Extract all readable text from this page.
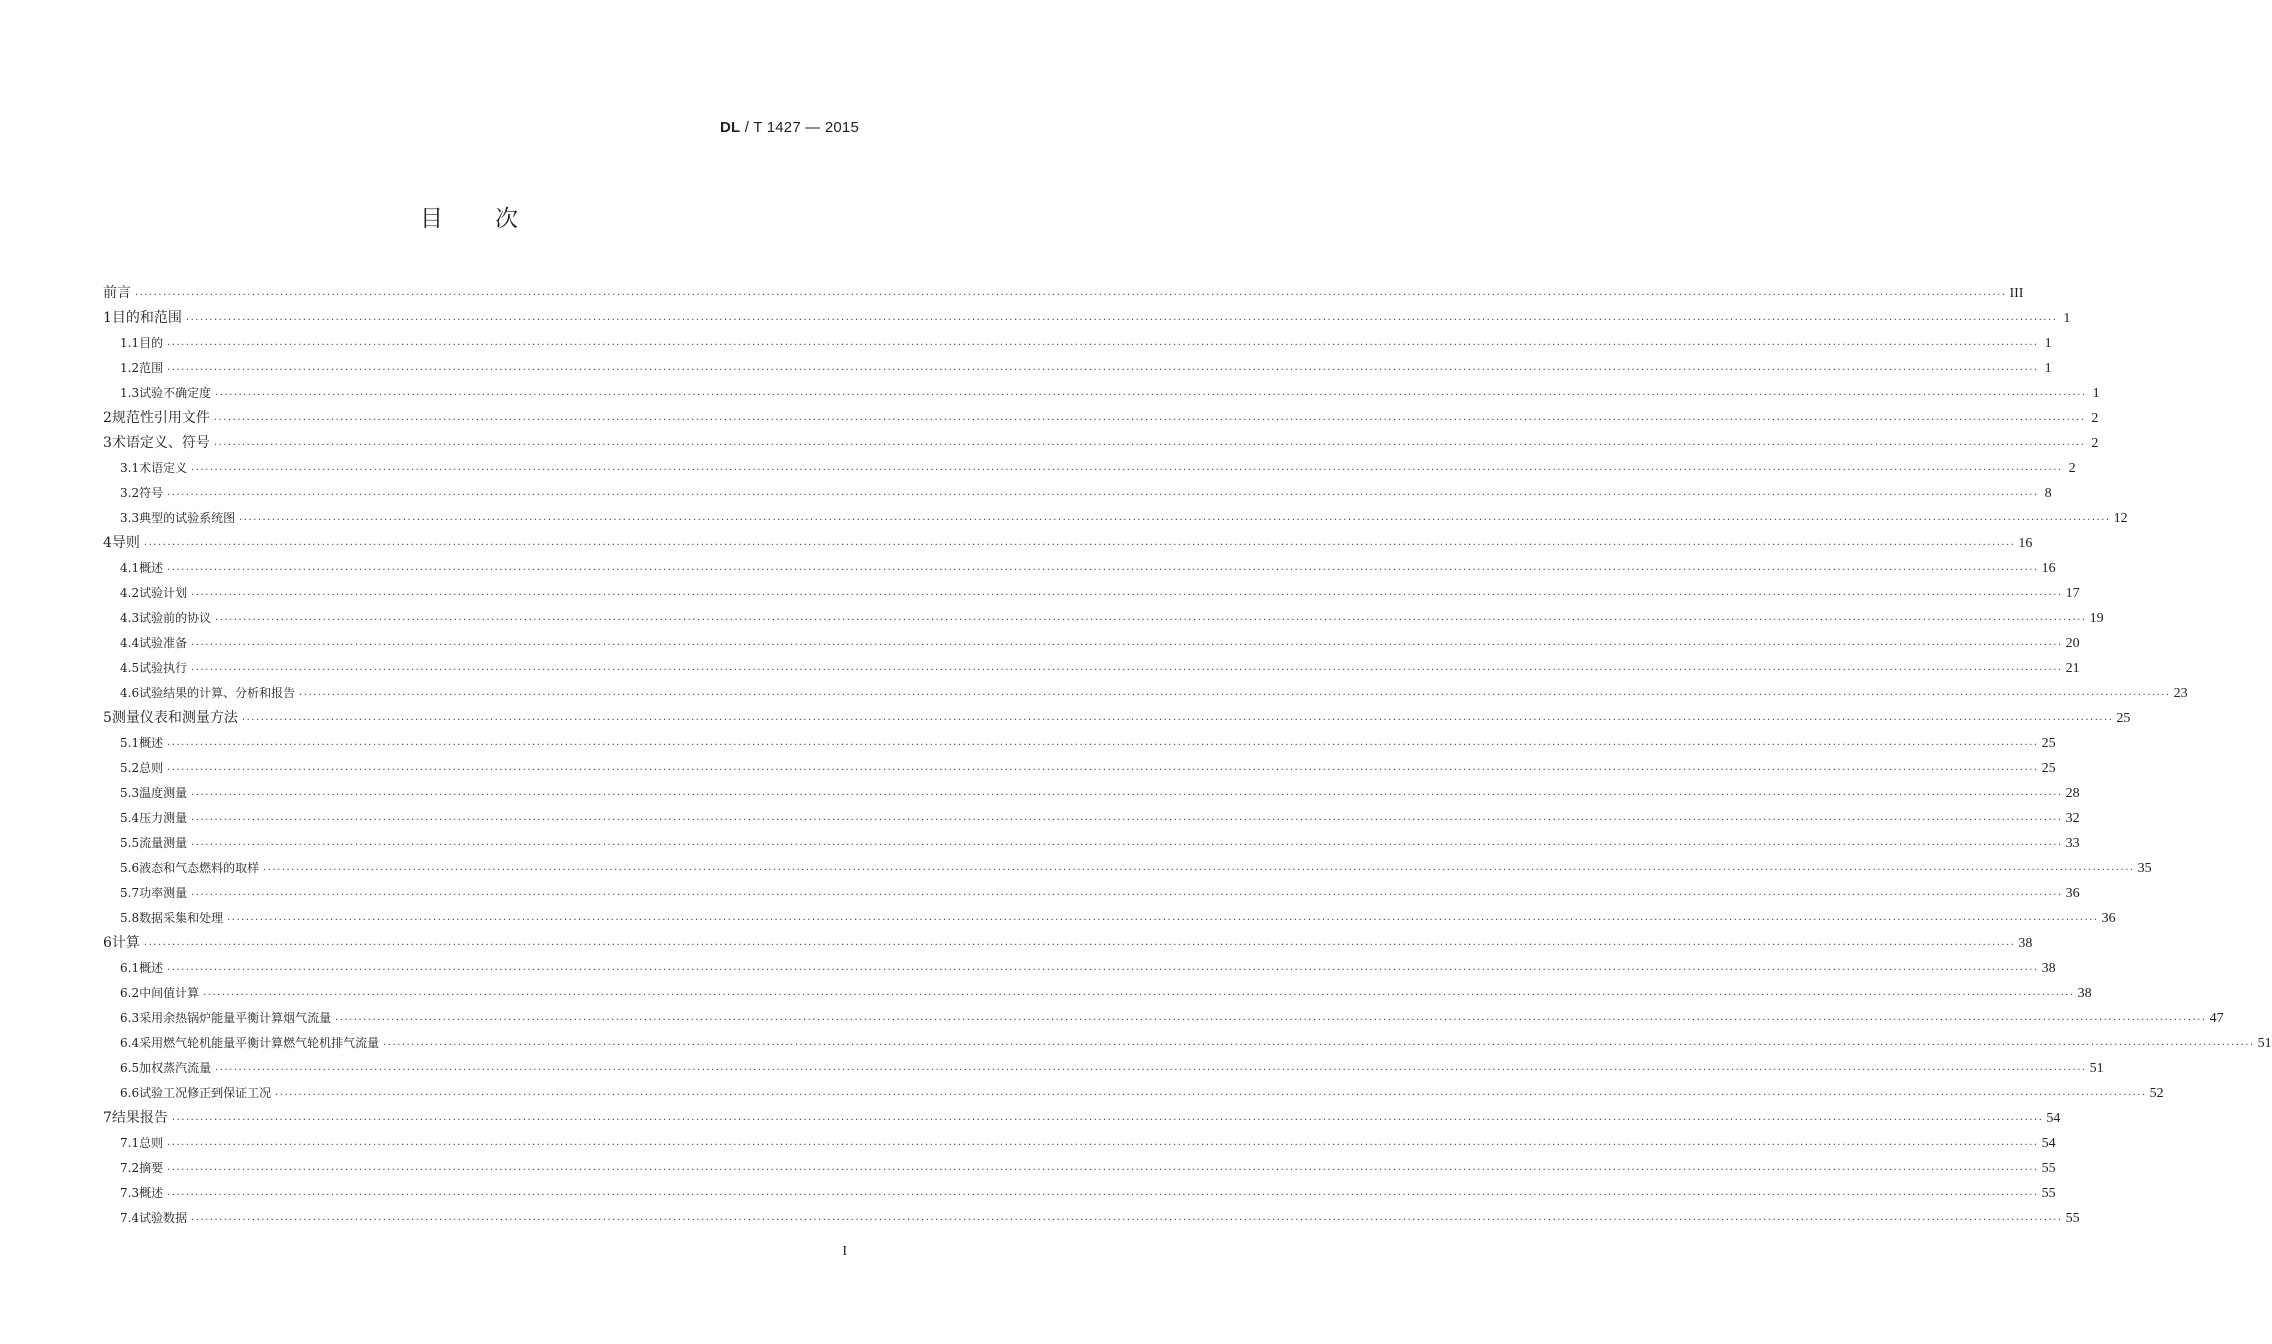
DL / T 1427 — 2015
目次
前言 ················································································································································································································································································································································································································ III
1 目的和范围 ················································································································································································································································································································································································································ 1
1.1 目的 ················································································································································································································································································································································································································ 1
1.2 范围 ················································································································································································································································································································································································································ 1
1.3 试验不确定度 ················································································································································································································································································································································································································ 1
2 规范性引用文件 ················································································································································································································································································································································································································ 2
3 术语定义、符号 ················································································································································································································································································································································································································ 2
3.1 术语定义 ················································································································································································································································································································································································································ 2
3.2 符号 ················································································································································································································································································································································································································ 8
3.3 典型的试验系统图 ················································································································································································································································································································································································································ 12
4 导则 ················································································································································································································································································································································································································ 16
4.1 概述 ················································································································································································································································································································································································································ 16
4.2 试验计划 ················································································································································································································································································································································································································ 17
4.3 试验前的协议 ················································································································································································································································································································································································································ 19
4.4 试验准备 ················································································································································································································································································································································································································ 20
4.5 试验执行 ················································································································································································································································································································································································································ 21
4.6 试验结果的计算、分析和报告 ················································································································································································································································································································································································································ 23
5 测量仪表和测量方法 ················································································································································································································································································································································································································ 25
5.1 概述 ················································································································································································································································································································································································································ 25
5.2 总则 ················································································································································································································································································································································································································ 25
5.3 温度测量 ················································································································································································································································································································································································································ 28
5.4 压力测量 ················································································································································································································································································································································································································ 32
5.5 流量测量 ················································································································································································································································································································································································································ 33
5.6 液态和气态燃料的取样 ················································································································································································································································································································································································································ 35
5.7 功率测量 ················································································································································································································································································································································································································ 36
5.8 数据采集和处理 ················································································································································································································································································································································································································ 36
6 计算 ················································································································································································································································································································································································································ 38
6.1 概述 ················································································································································································································································································································································································································ 38
6.2 中间值计算 ················································································································································································································································································································································································································ 38
6.3 采用余热锅炉能量平衡计算烟气流量 ················································································································································································································································································································································································································ 47
6.4 采用燃气轮机能量平衡计算燃气轮机排气流量 ················································································································································································································································································································································································································ 51
6.5 加权蒸汽流量 ················································································································································································································································································································································································································ 51
6.6 试验工况修正到保证工况 ················································································································································································································································································································································································································ 52
7 结果报告 ················································································································································································································································································································································································································ 54
7.1 总则 ················································································································································································································································································································································································································ 54
7.2 摘要 ················································································································································································································································································································································································································ 55
7.3 概述 ················································································································································································································································································································································································································ 55
7.4 试验数据 ················································································································································································································································································································································································································ 55
I
